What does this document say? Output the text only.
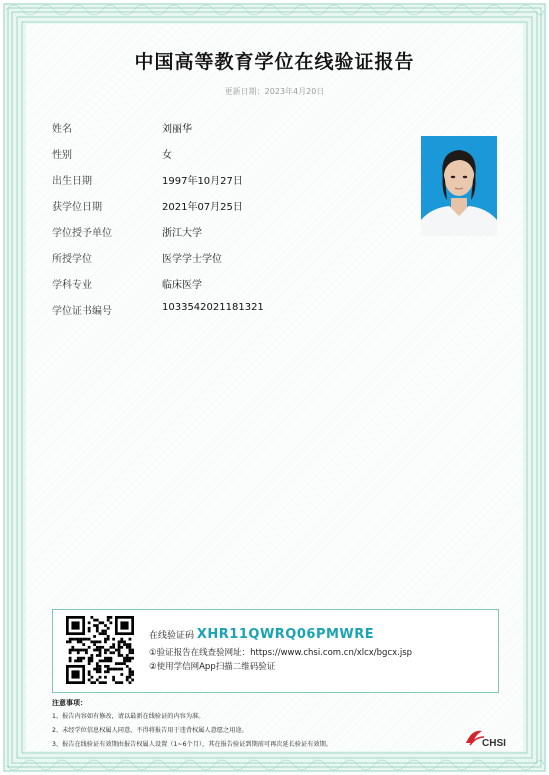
中国高等教育学位在线验证报告
更新日期：2023年4月20日
姓名	刘丽华
性别	女
出生日期	1997年10月27日
获学位日期	2021年07月25日
学位授予单位	浙江大学
所授学位	医学学士学位
学科专业	临床医学
学位证书编号	1033542021181321
在线验证码 XHR11QWRQ06PMWRE
①验证报告在线查验网址：https://www.chsi.com.cn/xlcx/bgcx.jsp
②使用学信网App扫描二维码验证
注意事项：
1、报告内容如有修改，请以最新在线验证的内容为准。
2、未经学位信息权属人同意，不得将报告用于违背权属人意愿之用途。
3、报告在线验证有效期由报告权属人设置（1~6个月），其在报告验证到期前可再次延长验证有效期。	CHSI
